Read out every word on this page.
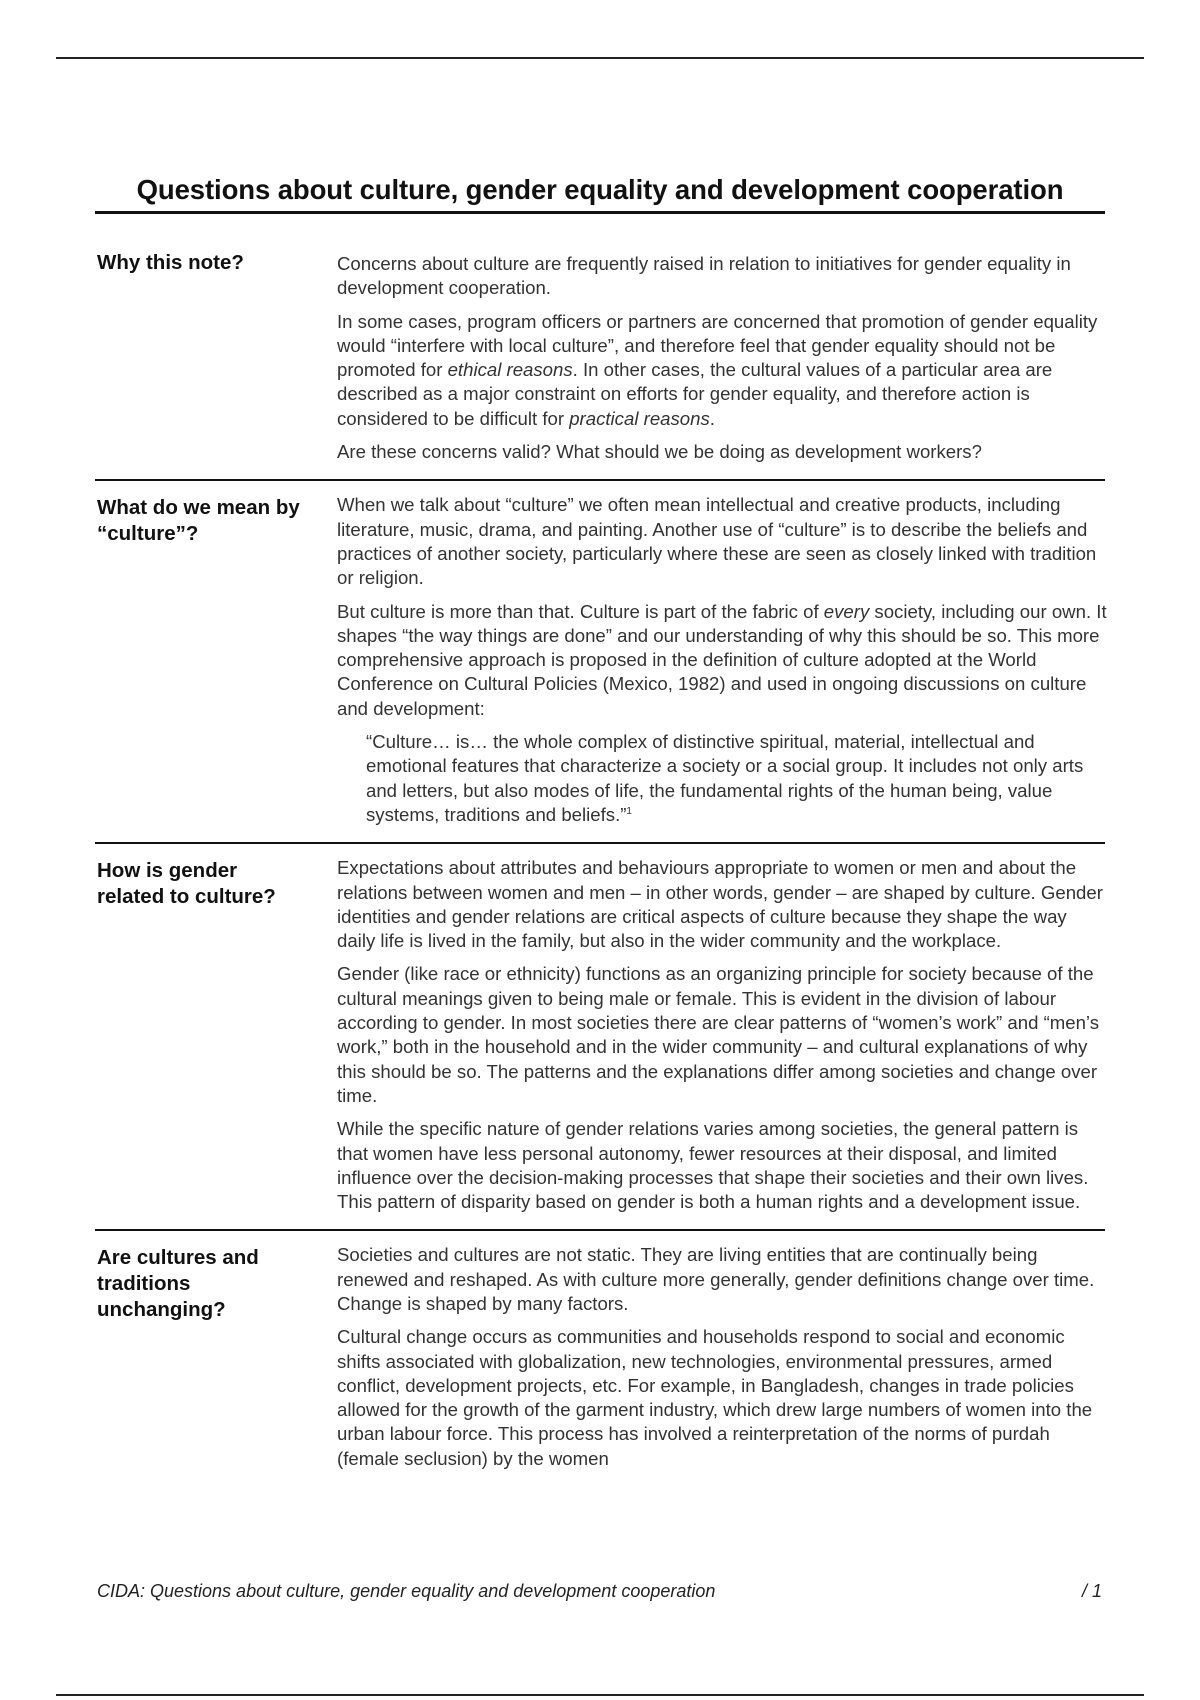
Questions about culture, gender equality and development cooperation
Why this note?	Concerns about culture are frequently raised in relation to initiatives for gender equality in development cooperation.

In some cases, program officers or partners are concerned that promotion of gender equality would “interfere with local culture”, and therefore feel that gender equality should not be promoted for ethical reasons. In other cases, the cultural values of a particular area are described as a major constraint on efforts for gender equality, and therefore action is considered to be difficult for practical reasons.

Are these concerns valid? What should we be doing as development workers?

What do we mean by “culture”?

When we talk about “culture” we often mean intellectual and creative products, including literature, music, drama, and painting. Another use of “culture” is to describe the beliefs and practices of another society, particularly where these are seen as closely linked with tradition or religion.

But culture is more than that. Culture is part of the fabric of every society, including our own. It shapes “the way things are done” and our understanding of why this should be so. This more comprehensive approach is proposed in the definition of culture adopted at the World Conference on Cultural Policies (Mexico, 1982) and used in ongoing discussions on culture and development:

“Culture… is… the whole complex of distinctive spiritual, material, intellectual and emotional features that characterize a society or a social group. It includes not only arts and letters, but also modes of life, the fundamental rights of the human being, value systems, traditions and beliefs.”$^1$

How is gender related to culture?

Expectations about attributes and behaviours appropriate to women or men and about the relations between women and men – in other words, gender – are shaped by culture. Gender identities and gender relations are critical aspects of culture because they shape the way daily life is lived in the family, but also in the wider community and the workplace.

Gender (like race or ethnicity) functions as an organizing principle for society because of the cultural meanings given to being male or female. This is evident in the division of labour according to gender. In most societies there are clear patterns of “women’s work” and “men’s work,” both in the household and in the wider community – and cultural explanations of why this should be so. The patterns and the explanations differ among societies and change over time.

While the specific nature of gender relations varies among societies, the general pattern is that women have less personal autonomy, fewer resources at their disposal, and limited influence over the decision-making processes that shape their societies and their own lives. This pattern of disparity based on gender is both a human rights and a development issue.

Are cultures and traditions unchanging?

Societies and cultures are not static. They are living entities that are continually being renewed and reshaped. As with culture more generally, gender definitions change over time. Change is shaped by many factors.

Cultural change occurs as communities and households respond to social and economic shifts associated with globalization, new technologies, environmental pressures, armed conflict, development projects, etc. For example, in Bangladesh, changes in trade policies allowed for the growth of the garment industry, which drew large numbers of women into the urban labour force. This process has involved a reinterpretation of the norms of purdah (female seclusion) by the women

CIDA: Questions about culture, gender equality and development cooperation	/ 1
